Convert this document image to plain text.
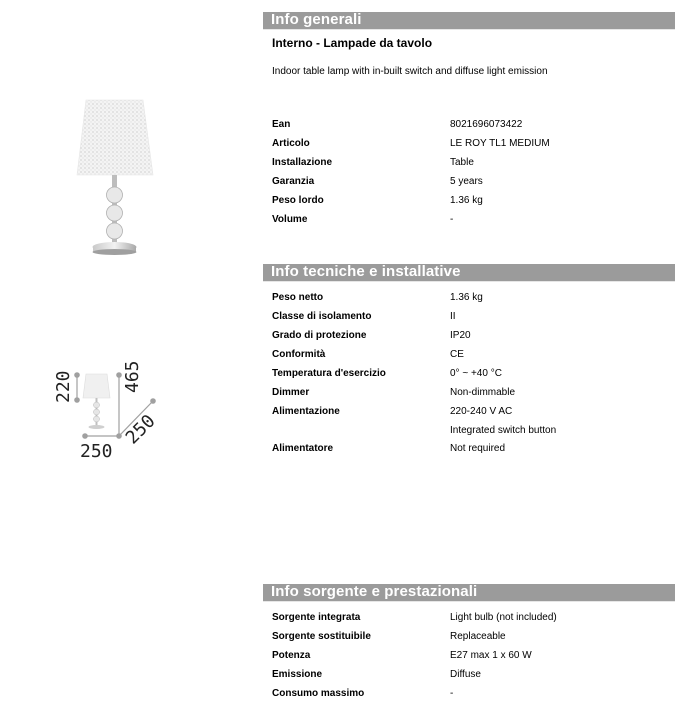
220	465
250
250
Info generali
Interno - Lampade da tavolo
Indoor table lamp with in-built switch and diffuse light emission
Ean	8021696073422
Articolo	LE ROY TL1 MEDIUM
Installazione	Table
Garanzia	5 years
Peso lordo	1.36 kg
Volume	-
Info tecniche e installative
Peso netto	1.36 kg
Classe di isolamento	II
Grado di protezione	IP20
Conformità	CE
Temperatura d'esercizio	0° ~ +40 °C
Dimmer	Non-dimmable
Alimentazione	220-240 V AC
Integrated switch button
Alimentatore	Not required
Info sorgente e prestazionali
Sorgente integrata	Light bulb (not included)
Sorgente sostituibile	Replaceable
Potenza	E27 max 1 x 60 W
Emissione	Diffuse
Consumo massimo	-
